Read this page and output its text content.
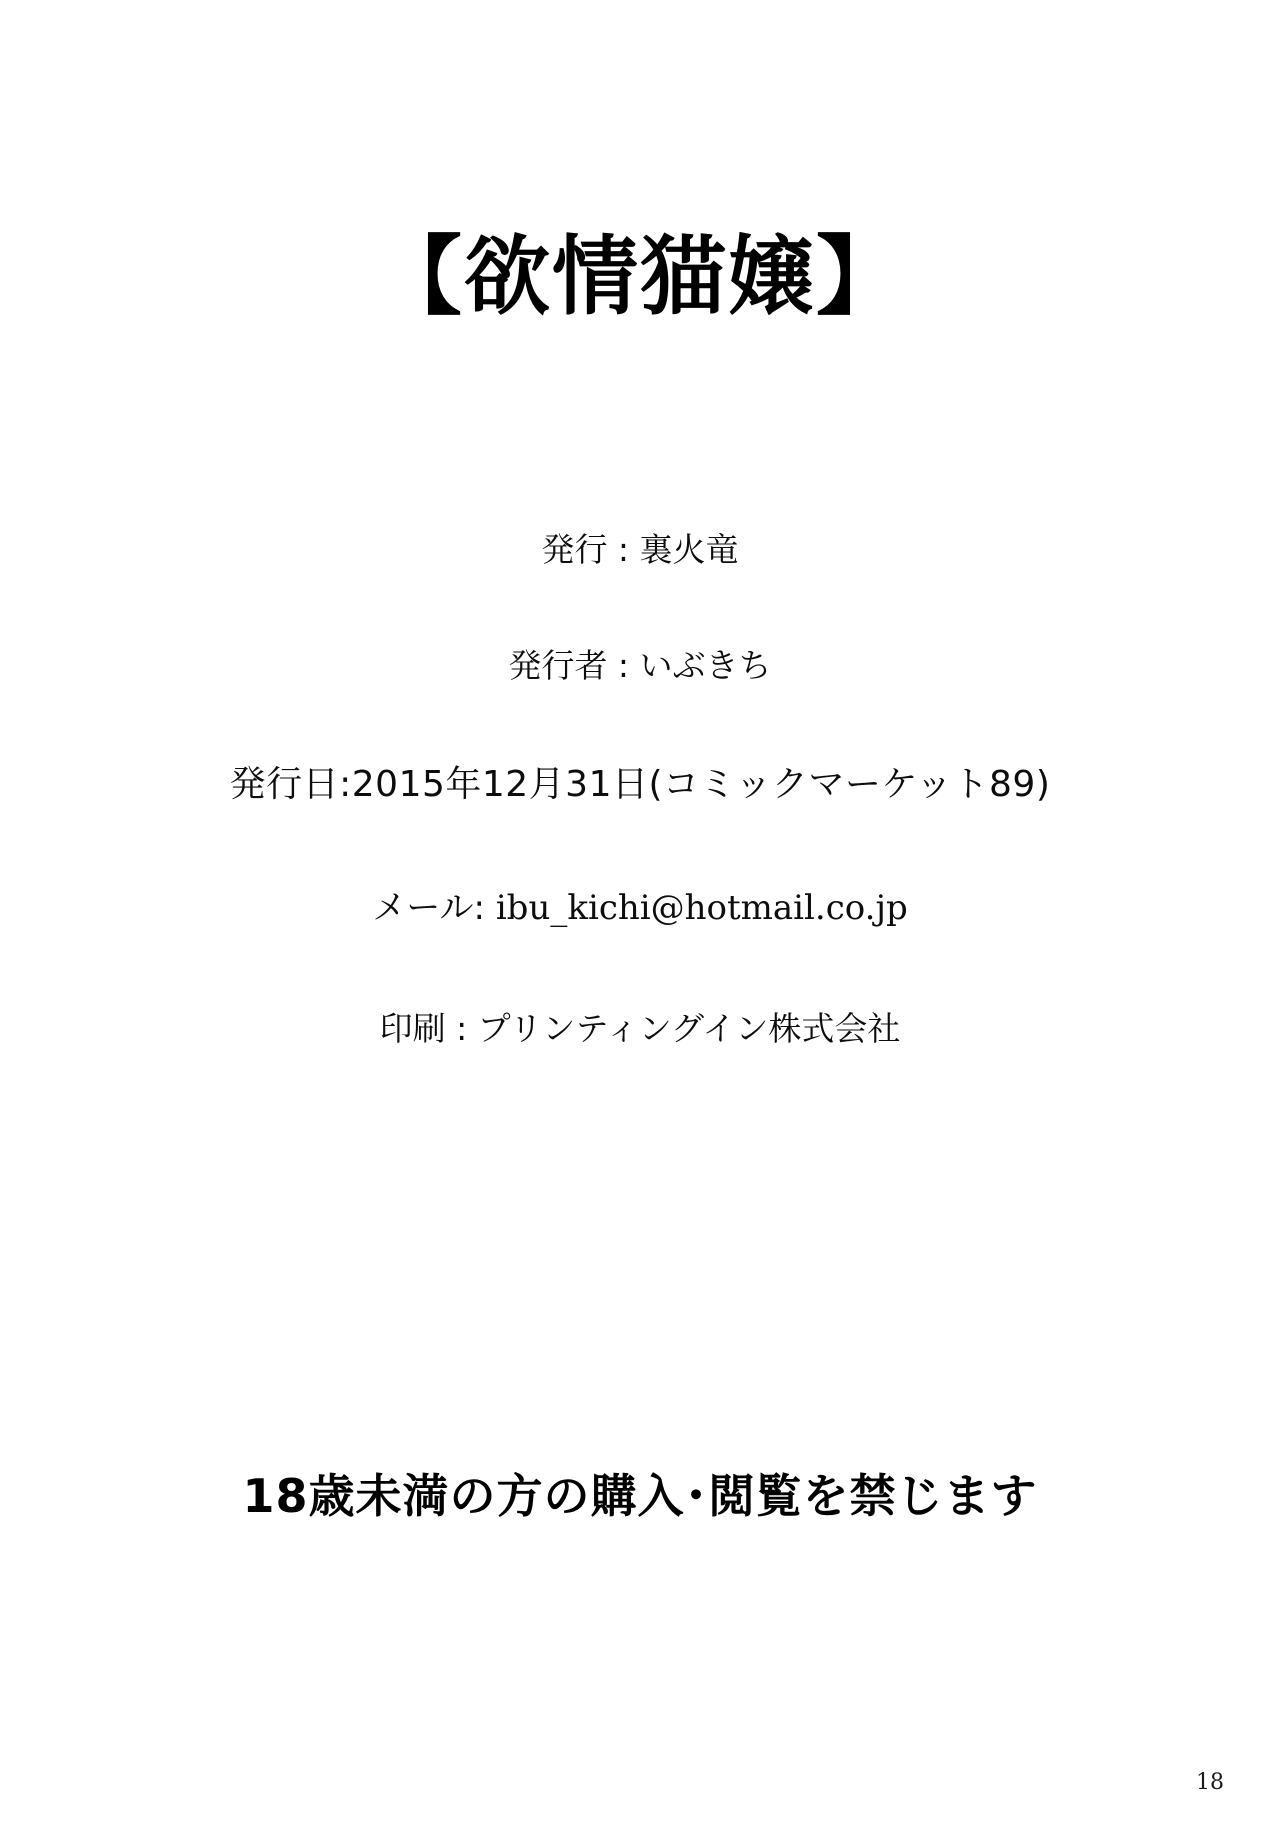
【欲情猫嬢】
発行 : 裏火竜
発行者 : いぶきち
発行日:2015年12月31日(コミックマーケット89)
メール: ibu_kichi@hotmail.co.jp
印刷 : プリンティングイン株式会社
18歳未満の方の購入･閲覧を禁じます
18
